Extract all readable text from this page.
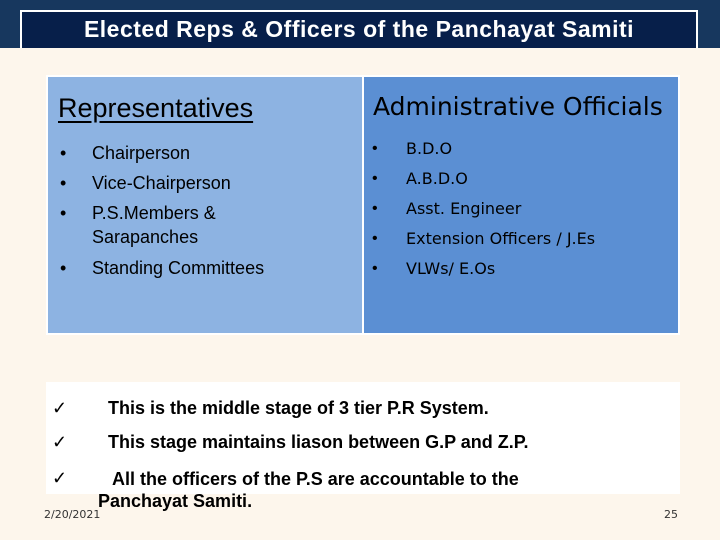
Elected Reps & Officers of the Panchayat Samiti
Representatives
• Chairperson
• Vice-Chairperson
• P.S.Members & Sarapanches
• Standing Committees
Administrative Officials
• B.D.O
• A.B.D.O
• Asst. Engineer
• Extension Officers / J.Es
• VLWs/ E.Os
✓ This is the middle stage of 3 tier P.R System.
✓ This stage maintains liason between G.P and Z.P.
✓	All the officers of the P.S are accountable to the
Panchayat Samiti.
2/20/2021	25
